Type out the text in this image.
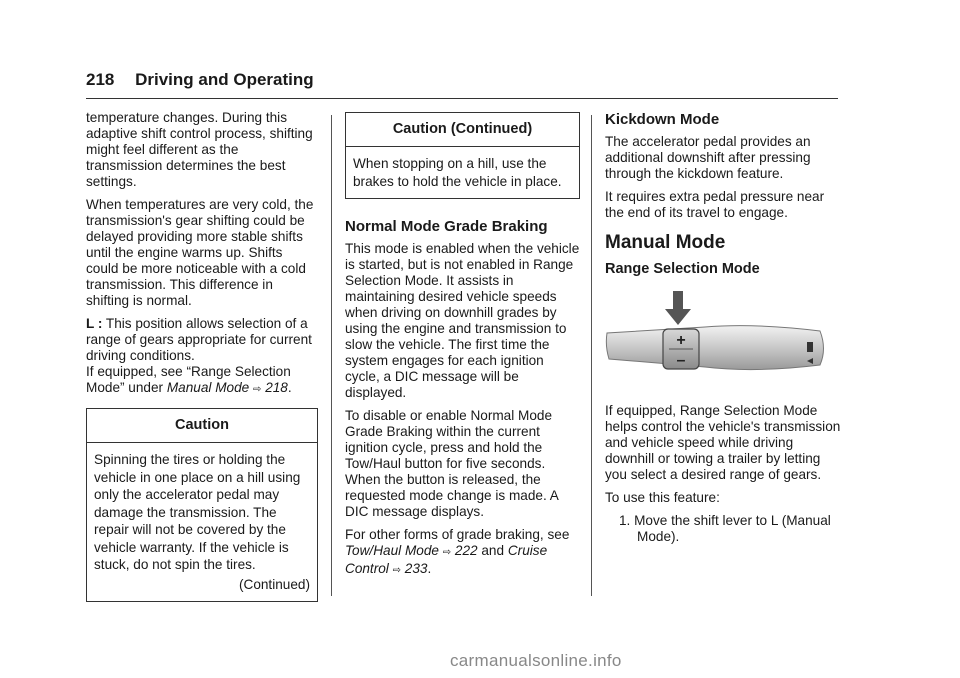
218 Driving and Operating

temperature changes. During this adaptive shift control process, shifting might feel different as the transmission determines the best settings.

When temperatures are very cold, the transmission's gear shifting could be delayed providing more stable shifts until the engine warms up. Shifts could be more noticeable with a cold transmission. This difference in shifting is normal.

L : This position allows selection of a range of gears appropriate for current driving conditions.

If equipped, see “Range Selection Mode” under Manual Mode ⇨ 218.

Caution
Spinning the tires or holding the vehicle in one place on a hill using only the accelerator pedal may damage the transmission. The repair will not be covered by the vehicle warranty. If the vehicle is stuck, do not spin the tires.
(Continued)
Caution (Continued)
When stopping on a hill, use the brakes to hold the vehicle in place.
Normal Mode Grade Braking

This mode is enabled when the vehicle is started, but is not enabled in Range Selection Mode. It assists in maintaining desired vehicle speeds when driving on downhill grades by using the engine and transmission to slow the vehicle. The first time the system engages for each ignition cycle, a DIC message will be displayed.

To disable or enable Normal Mode Grade Braking within the current ignition cycle, press and hold the Tow/Haul button for five seconds. When the button is released, the requested mode change is made. A DIC message displays.

For other forms of grade braking, see Tow/Haul Mode ⇨ 222 and Cruise Control ⇨ 233.

Kickdown Mode

The accelerator pedal provides an additional downshift after pressing through the kickdown feature.

It requires extra pedal pressure near the end of its travel to engage.

Manual Mode
Range Selection Mode
+
–

If equipped, Range Selection Mode helps control the vehicle's transmission and vehicle speed while driving downhill or towing a trailer by letting you select a desired range of gears.

To use this feature:

1. Move the shift lever to L (Manual Mode).
carmanualsonline.info
